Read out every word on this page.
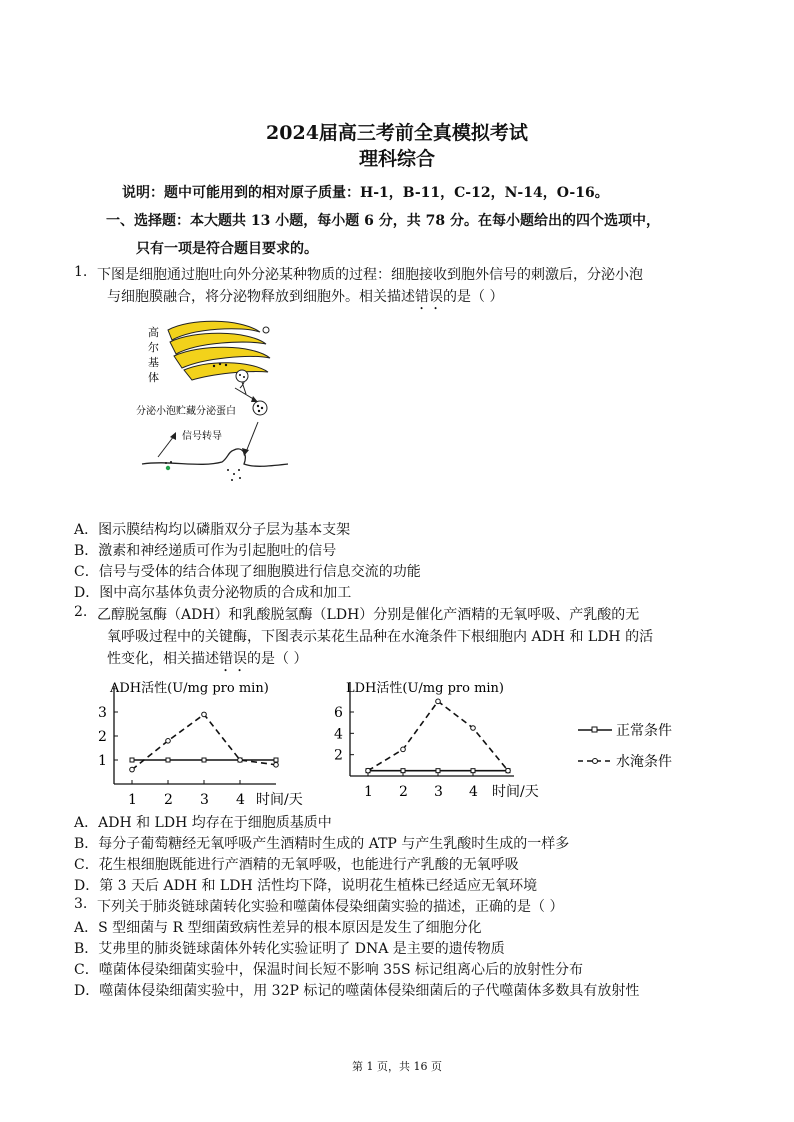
2024届高三考前全真模拟考试
理科综合
说明：题中可能用到的相对原子质量：H-1，B-11，C-12，N-14，O-16。
一、选择题：本大题共 13 小题，每小题 6 分，共 78 分。在每小题给出的四个选项中，
只有一项是符合题目要求的。
1. 下图是细胞通过胞吐向外分泌某种物质的过程：细胞接收到胞外信号的刺激后，分泌小泡
与细胞膜融合，将分泌物释放到细胞外。相关描述错误的是（ ）
高
尔
基
体
分泌小泡贮藏分泌蛋白
信号转导
A．图示膜结构均以磷脂双分子层为基本支架
B．激素和神经递质可作为引起胞吐的信号
C．信号与受体的结合体现了细胞膜进行信息交流的功能
D．图中高尔基体负责分泌物质的合成和加工
2. 乙醇脱氢酶（ADH）和乳酸脱氢酶（LDH）分别是催化产酒精的无氧呼吸、产乳酸的无
氧呼吸过程中的关键酶，下图表示某花生品种在水淹条件下根细胞内 ADH 和 LDH 的活
性变化，相关描述错误的是（ ）
ADH活性(U/mg pro min)
1
2
3
1 2 3 4 时间/天
LDH活性(U/mg pro min)
2
4
6
1 2 3 4 时间/天
正常条件
水淹条件
A．ADH 和 LDH 均存在于细胞质基质中
B．每分子葡萄糖经无氧呼吸产生酒精时生成的 ATP 与产生乳酸时生成的一样多
C．花生根细胞既能进行产酒精的无氧呼吸，也能进行产乳酸的无氧呼吸
D．第 3 天后 ADH 和 LDH 活性均下降，说明花生植株已经适应无氧环境
3. 下列关于肺炎链球菌转化实验和噬菌体侵染细菌实验的描述，正确的是（ ）
A．S 型细菌与 R 型细菌致病性差异的根本原因是发生了细胞分化
B．艾弗里的肺炎链球菌体外转化实验证明了 DNA 是主要的遗传物质
C．噬菌体侵染细菌实验中，保温时间长短不影响 35S 标记组离心后的放射性分布
D．噬菌体侵染细菌实验中，用 32P 标记的噬菌体侵染细菌后的子代噬菌体多数具有放射性
第 1 页，共 16 页
